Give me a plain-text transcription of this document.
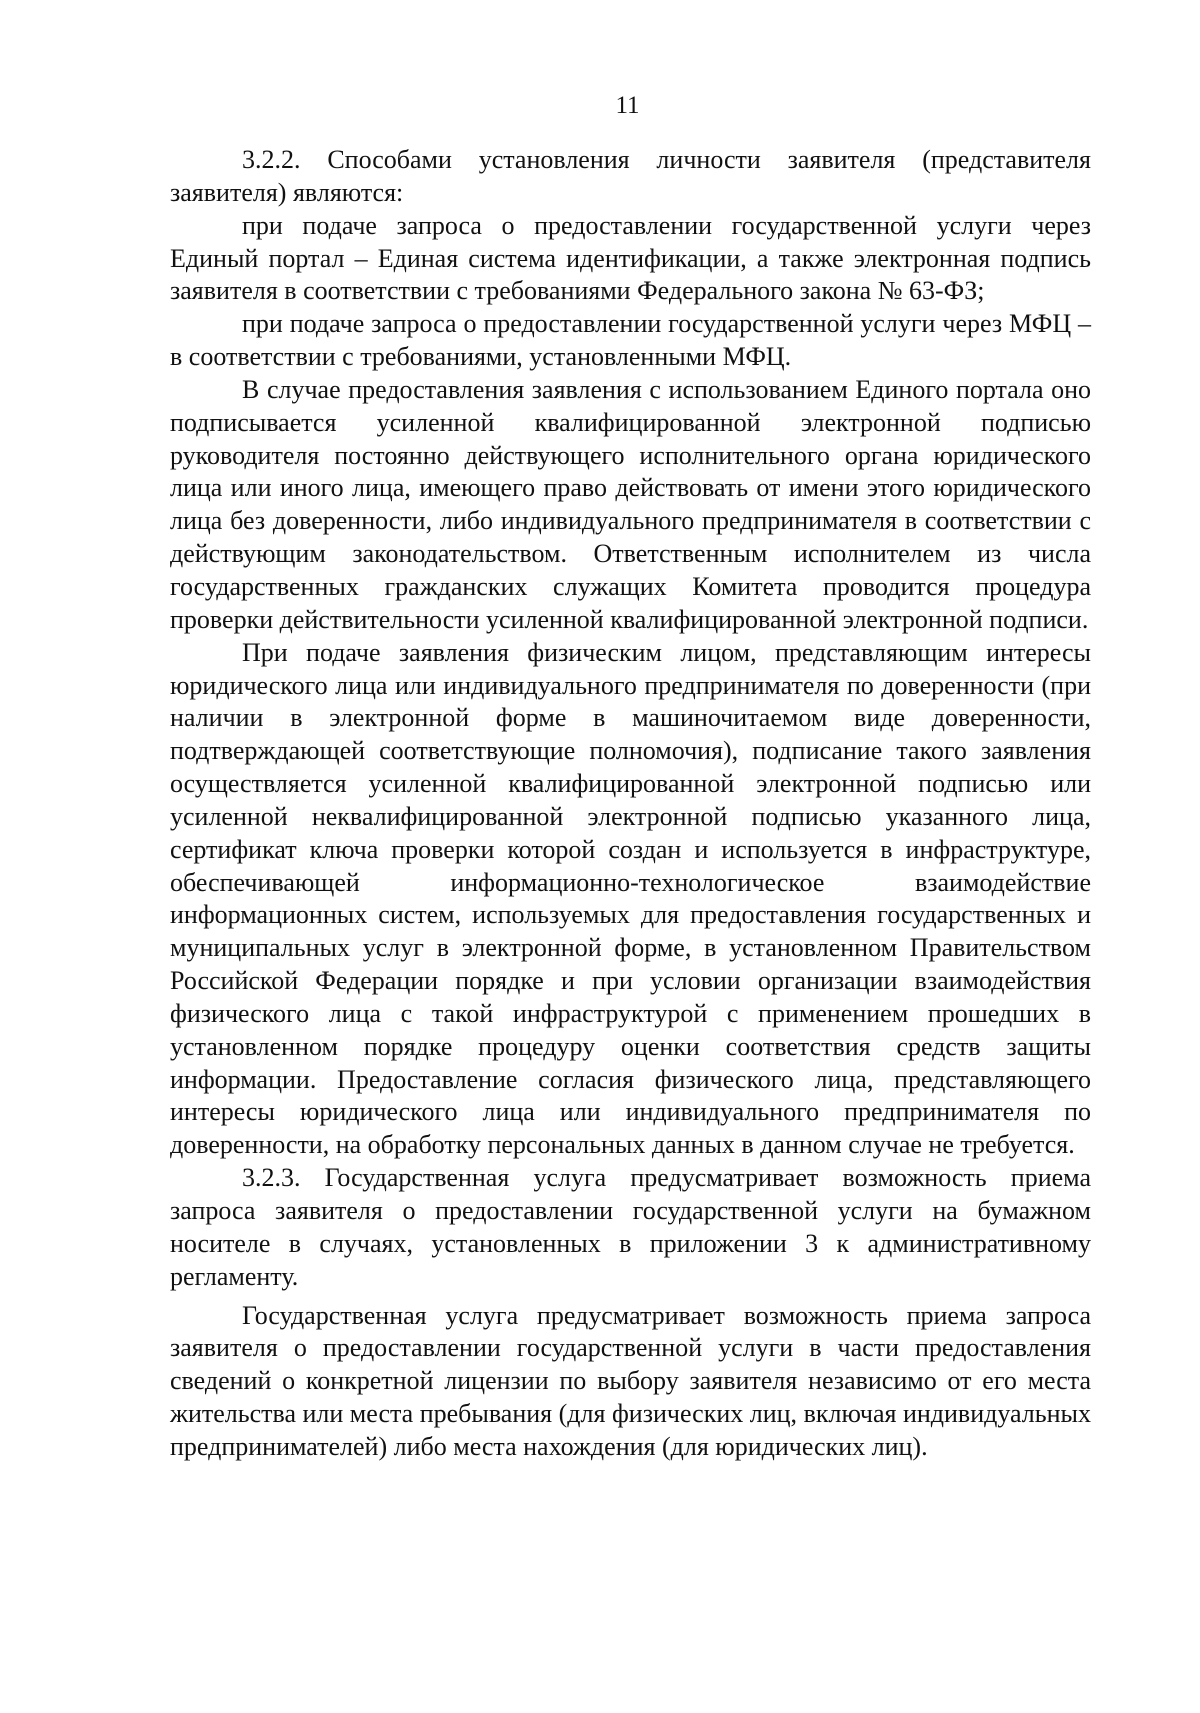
11

3.2.2. Способами установления личности заявителя (представителя заявителя) являются:

при подаче запроса о предоставлении государственной услуги через Единый портал – Единая система идентификации, а также электронная подпись заявителя в соответствии с требованиями Федерального закона № 63-ФЗ;

при подаче запроса о предоставлении государственной услуги через МФЦ – в соответствии с требованиями, установленными МФЦ.

В случае предоставления заявления с использованием Единого портала оно подписывается усиленной квалифицированной электронной подписью руководителя постоянно действующего исполнительного органа юридического лица или иного лица, имеющего право действовать от имени этого юридического лица без доверенности, либо индивидуального предпринимателя в соответствии с действующим законодательством. Ответственным исполнителем из числа государственных гражданских служащих Комитета проводится процедура проверки действительности усиленной квалифицированной электронной подписи.

При подаче заявления физическим лицом, представляющим интересы юридического лица или индивидуального предпринимателя по доверенности (при наличии в электронной форме в машиночитаемом виде доверенности, подтверждающей соответствующие полномочия), подписание такого заявления осуществляется усиленной квалифицированной электронной подписью или усиленной неквалифицированной электронной подписью указанного лица, сертификат ключа проверки которой создан и используется в инфраструктуре, обеспечивающей информационно-технологическое взаимодействие информационных систем, используемых для предоставления государственных и муниципальных услуг в электронной форме, в установленном Правительством Российской Федерации порядке и при условии организации взаимодействия физического лица с такой инфраструктурой с применением прошедших в установленном порядке процедуру оценки соответствия средств защиты информации. Предоставление согласия физического лица, представляющего интересы юридического лица или индивидуального предпринимателя по доверенности, на обработку персональных данных в данном случае не требуется.

3.2.3. Государственная услуга предусматривает возможность приема запроса заявителя о предоставлении государственной услуги на бумажном носителе в случаях, установленных в приложении 3 к административному регламенту.

Государственная услуга предусматривает возможность приема запроса заявителя о предоставлении государственной услуги в части предоставления сведений о конкретной лицензии по выбору заявителя независимо от его места жительства или места пребывания (для физических лиц, включая индивидуальных предпринимателей) либо места нахождения (для юридических лиц).
